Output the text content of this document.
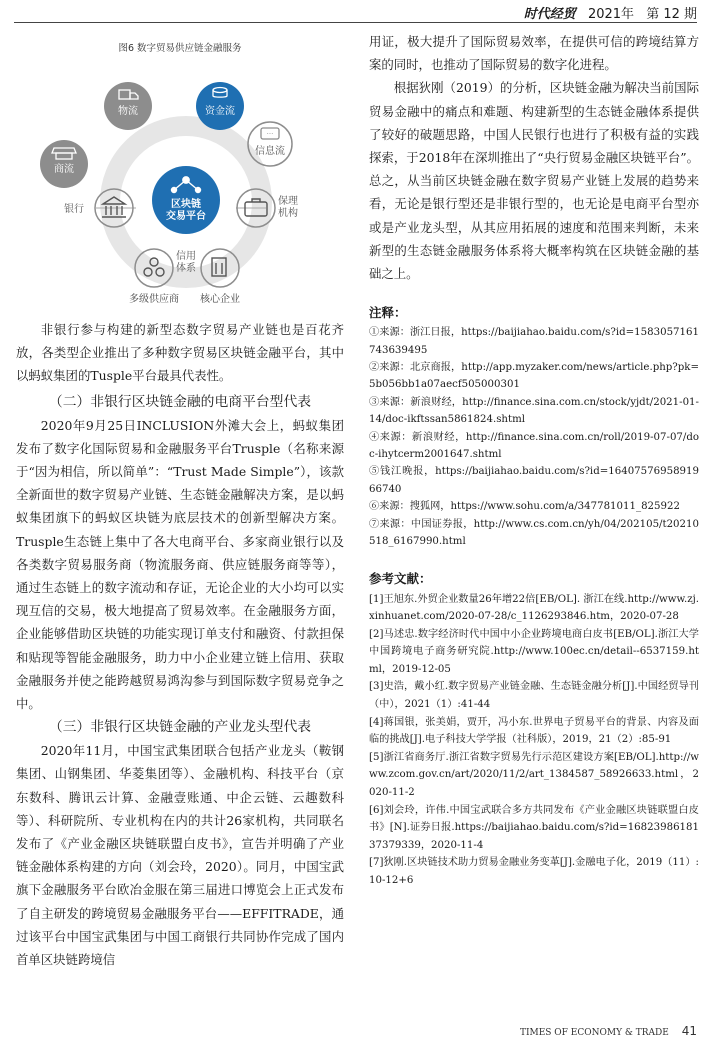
时代经贸 2021年 第 12 期
图6 数字贸易供应链金融服务
区块链
交易平台
信用
体系
物流	资金流
···
信息流
商流
银行
保理
机构
多级供应商 核心企业

非银行参与构建的新型态数字贸易产业链也是百花齐放，各类型企业推出了多种数字贸易区块链金融平台，其中以蚂蚁集团的Tusple平台最具代表性。

（二）非银行区块链金融的电商平台型代表

2020年9月25日INCLUSION外滩大会上，蚂蚁集团发布了数字化国际贸易和金融服务平台Trusple（名称来源于“因为相信，所以简单”：“Trust Made Simple”），该款全新面世的数字贸易产业链、生态链金融解决方案，是以蚂蚁集团旗下的蚂蚁区块链为底层技术的创新型解决方案。Trusple生态链上集中了各大电商平台、多家商业银行以及各类数字贸易服务商（物流服务商、供应链服务商等等），通过生态链上的数字流动和存证，无论企业的大小均可以实现互信的交易，极大地提高了贸易效率。在金融服务方面，企业能够借助区块链的功能实现订单支付和融资、付款担保和贴现等智能金融服务，助力中小企业建立链上信用、获取金融服务并使之能跨越贸易鸿沟参与到国际数字贸易竞争之中。

（三）非银行区块链金融的产业龙头型代表

2020年11月，中国宝武集团联合包括产业龙头（鞍钢集团、山钢集团、华菱集团等）、金融机构、科技平台（京东数科、腾讯云计算、金融壹账通、中企云链、云趣数科等）、科研院所、专业机构在内的共计26家机构，共同联名发布了《产业金融区块链联盟白皮书》，宣告并明确了产业链金融体系构建的方向（刘会玲，2020）。同月，中国宝武旗下金融服务平台欧冶金服在第三届进口博览会上正式发布了自主研发的跨境贸易金融服务平台——EFFITRADE，通过该平台中国宝武集团与中国工商银行共同协作完成了国内首单区块链跨境信

用证，极大提升了国际贸易效率，在提供可信的跨境结算方案的同时，也推动了国际贸易的数字化进程。

根据狄刚（2019）的分析，区块链金融为解决当前国际贸易金融中的痛点和难题、构建新型的生态链金融体系提供了较好的破题思路，中国人民银行也进行了积极有益的实践探索，于2018年在深圳推出了“央行贸易金融区块链平台”。总之，从当前区块链金融在数字贸易产业链上发展的趋势来看，无论是银行型还是非银行型的，也无论是电商平台型亦或是产业龙头型，从其应用拓展的速度和范围来判断，未来新型的生态链金融服务体系将大概率构筑在区块链金融的基础之上。

注释：
①来源：浙江日报，https://baijiahao.baidu.com/s?id=1583057161743639495
②来源：北京商报，http://app.myzaker.com/news/article.php?pk=5b056bb1a07aecf505000301
③来源：新浪财经，http://finance.sina.com.cn/stock/yjdt/2021-01-14/doc-ikftssan5861824.shtml
④来源：新浪财经，http://finance.sina.com.cn/roll/2019-07-07/doc-ihytcerm2001647.shtml
⑤钱江晚报，https://baijiahao.baidu.com/s?id=1640757695891966740
⑥来源：搜狐网，https://www.sohu.com/a/347781011_825922
⑦来源：中国证券报，http://www.cs.com.cn/yh/04/202105/t20210518_6167990.html
参考文献：
[1]王旭东.外贸企业数量26年增22倍[EB/OL]. 浙江在线.http://www.zj.xinhuanet.com/2020-07-28/c_1126293846.htm，2020-07-28
[2]马述忠.数字经济时代中国中小企业跨境电商白皮书[EB/OL].浙江大学中国跨境电子商务研究院.http://www.100ec.cn/detail--6537159.html，2019-12-05
[3]史浩，戴小红.数字贸易产业链金融、生态链金融分析[J].中国经贸导刊（中），2021（1）:41-44
[4]蒋国银，张美娟，贾开，冯小东.世界电子贸易平台的背景、内容及面临的挑战[J].电子科技大学学报（社科版），2019，21（2）:85-91
[5]浙江省商务厅.浙江省数字贸易先行示范区建设方案[EB/OL].http://www.zcom.gov.cn/art/2020/11/2/art_1384587_58926633.html，2020-11-2
[6]刘会玲，许伟.中国宝武联合多方共同发布《产业金融区块链联盟白皮书》[N].证券日报.https://baijiahao.baidu.com/s?id=1682398618137379339，2020-11-4
[7]狄刚.区块链技术助力贸易金融业务变革[J].金融电子化，2019（11）:10-12+6
TIMES OF ECONOMY & TRADE 41
